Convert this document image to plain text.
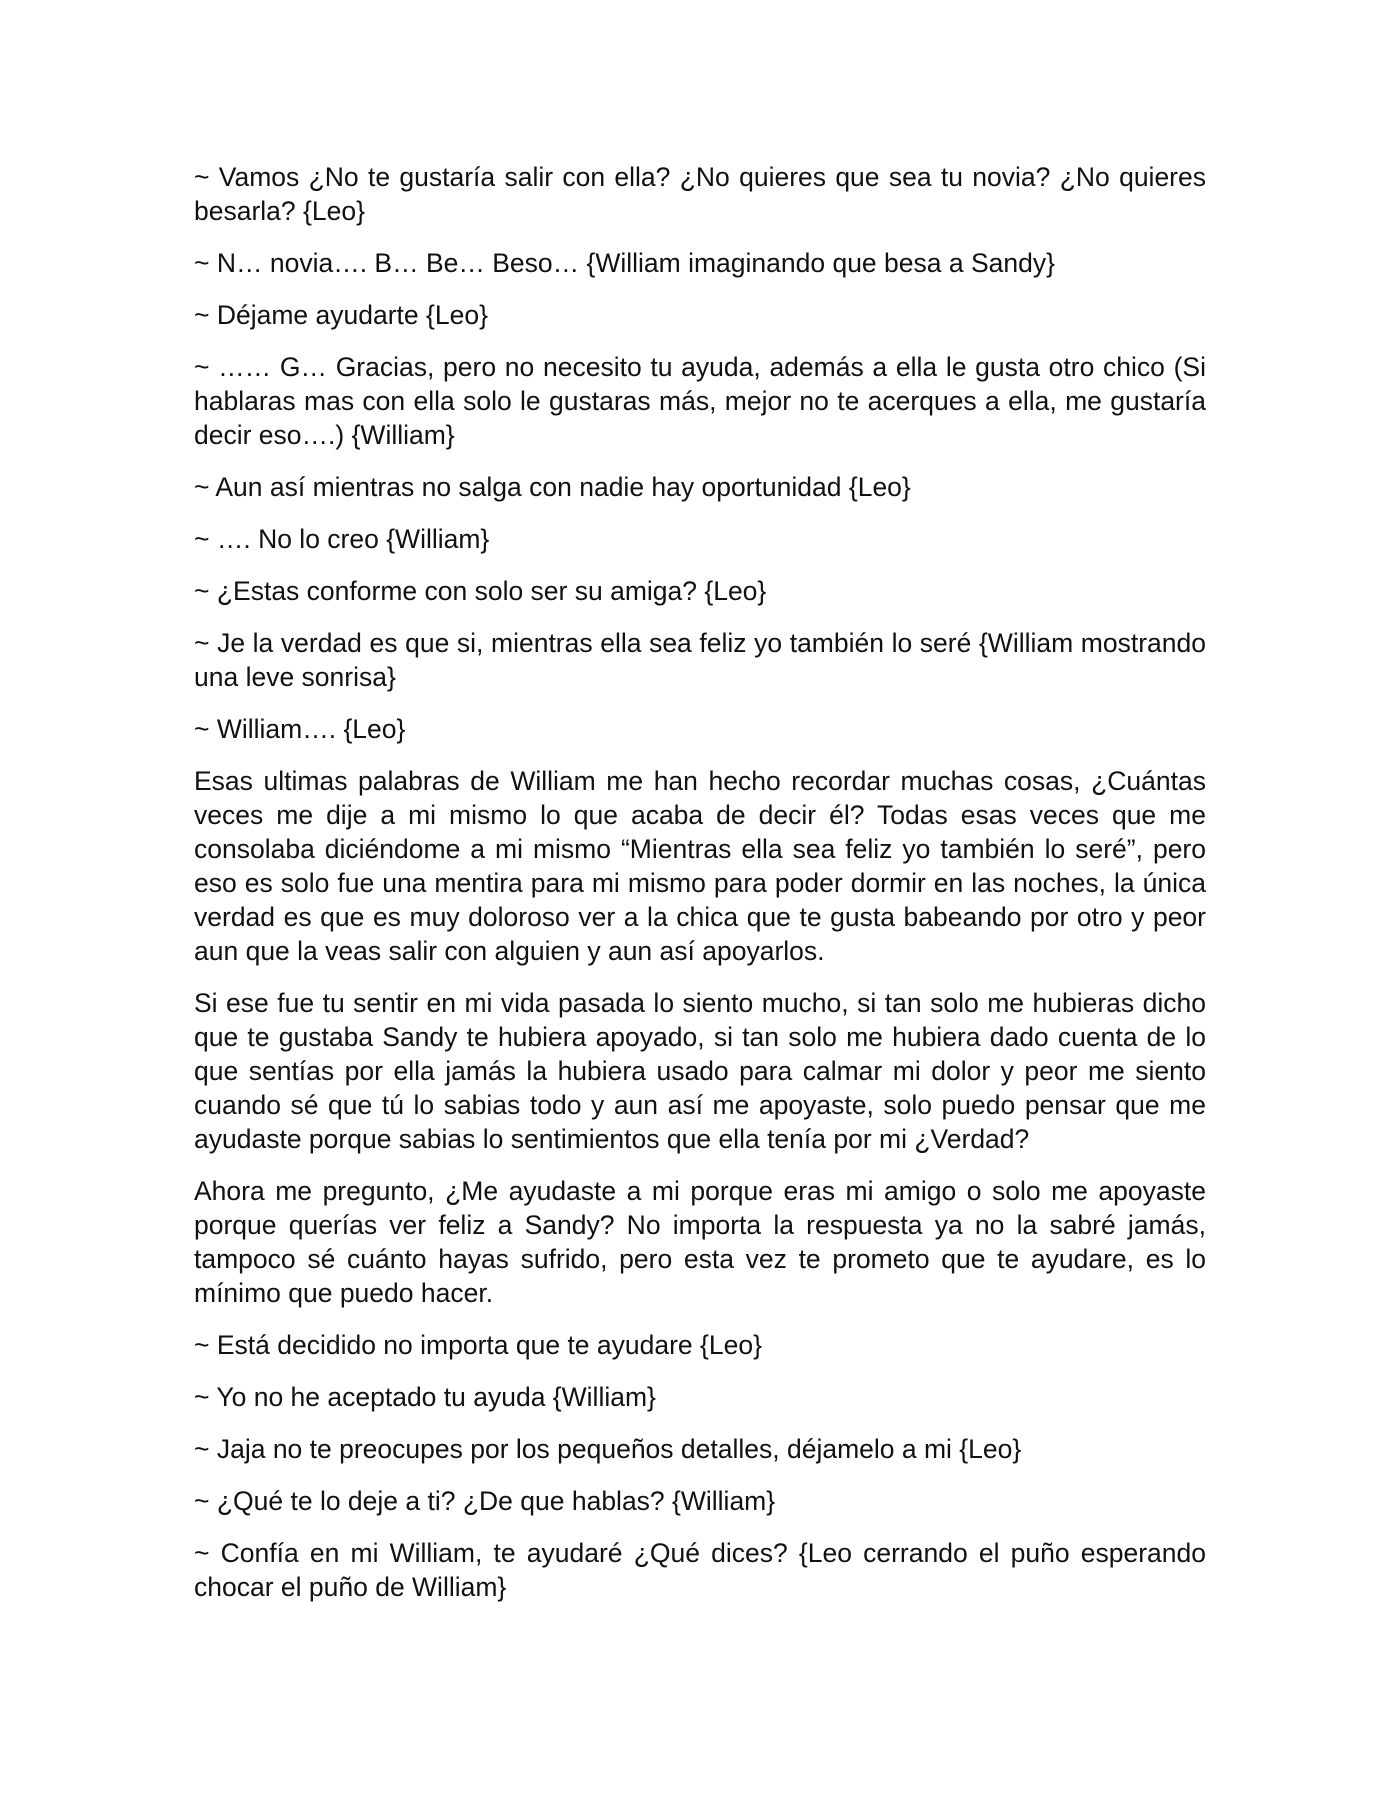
~ Vamos ¿No te gustaría salir con ella? ¿No quieres que sea tu novia? ¿No quieres besarla? {Leo}

~ N… novia…. B… Be… Beso… {William imaginando que besa a Sandy}

~ Déjame ayudarte {Leo}

~ …… G… Gracias, pero no necesito tu ayuda, además a ella le gusta otro chico (Si hablaras mas con ella solo le gustaras más, mejor no te acerques a ella, me gustaría decir eso….) {William}

~ Aun así mientras no salga con nadie hay oportunidad {Leo}

~ …. No lo creo {William}

~ ¿Estas conforme con solo ser su amiga? {Leo}

~ Je la verdad es que si, mientras ella sea feliz yo también lo seré {William mostrando una leve sonrisa}

~ William…. {Leo}

Esas ultimas palabras de William me han hecho recordar muchas cosas, ¿Cuántas veces me dije a mi mismo lo que acaba de decir él? Todas esas veces que me consolaba diciéndome a mi mismo “Mientras ella sea feliz yo también lo seré”, pero eso es solo fue una mentira para mi mismo para poder dormir en las noches, la única verdad es que es muy doloroso ver a la chica que te gusta babeando por otro y peor aun que la veas salir con alguien y aun así apoyarlos.

Si ese fue tu sentir en mi vida pasada lo siento mucho, si tan solo me hubieras dicho que te gustaba Sandy te hubiera apoyado, si tan solo me hubiera dado cuenta de lo que sentías por ella jamás la hubiera usado para calmar mi dolor y peor me siento cuando sé que tú lo sabias todo y aun así me apoyaste, solo puedo pensar que me ayudaste porque sabias lo sentimientos que ella tenía por mi ¿Verdad?

Ahora me pregunto, ¿Me ayudaste a mi porque eras mi amigo o solo me apoyaste porque querías ver feliz a Sandy? No importa la respuesta ya no la sabré jamás, tampoco sé cuánto hayas sufrido, pero esta vez te prometo que te ayudare, es lo mínimo que puedo hacer.

~ Está decidido no importa que te ayudare {Leo}

~ Yo no he aceptado tu ayuda {William}

~ Jaja no te preocupes por los pequeños detalles, déjamelo a mi {Leo}

~ ¿Qué te lo deje a ti? ¿De que hablas? {William}

~ Confía en mi William, te ayudaré ¿Qué dices? {Leo cerrando el puño esperando chocar el puño de William}
